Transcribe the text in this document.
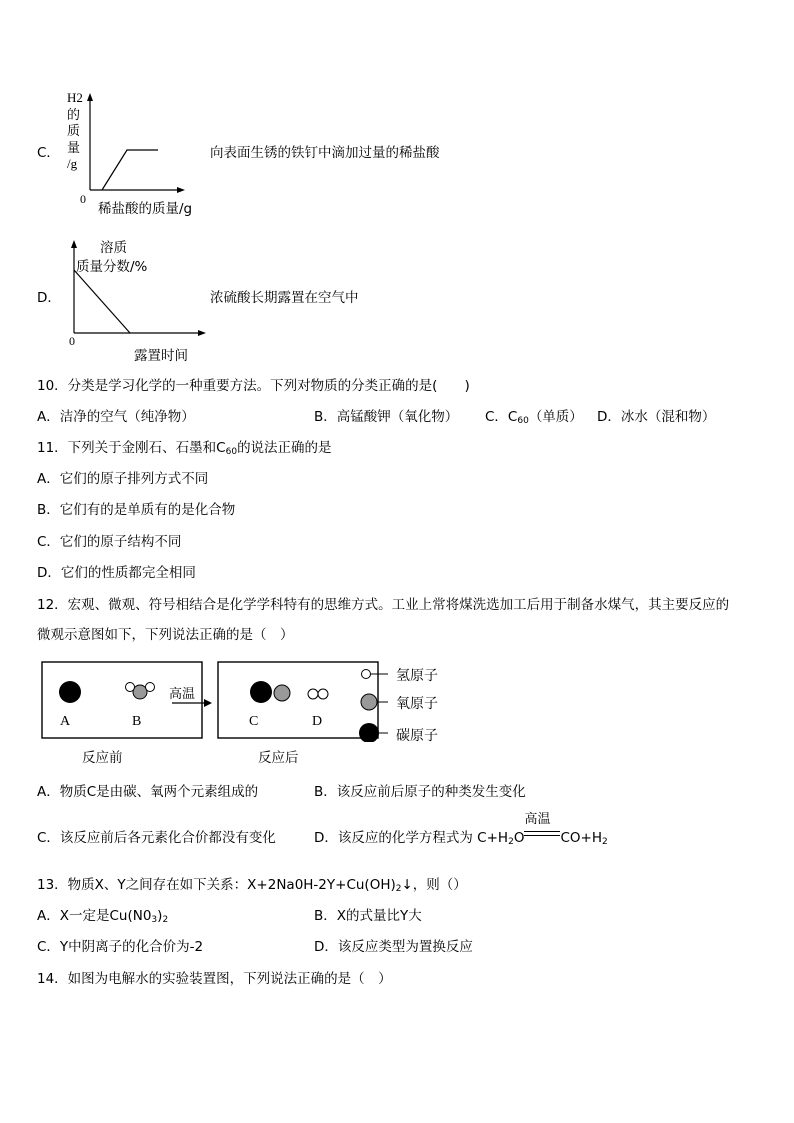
C．
H2
的
质
量
/g
0
稀盐酸的质量/g
向表面生锈的铁钉中滴加过量的稀盐酸
D．
溶质
质量分数/%
0
露置时间
浓硫酸长期露置在空气中
10．分类是学习化学的一种重要方法。下列对物质的分类正确的是(　　)
A．洁净的空气（纯净物）	B．高锰酸钾（氧化物） C．$C_{60}$（单质） D．冰水（混和物）
11．下列关于金刚石、石墨和$C_{60}$的说法正确的是
A．它们的原子排列方式不同
B．它们有的是单质有的是化合物
C．它们的原子结构不同
D．它们的性质都完全相同
12．宏观、微观、符号相结合是化学学科特有的思维方式。工业上常将煤洗选加工后用于制备水煤气，其主要反应的
微观示意图如下，下列说法正确的是（　）
A	B	C	D
高温
反应前	反应后
氢原子
氧原子
碳原子
A．物质C是由碳、氧两个元素组成的	B．该反应前后原子的种类发生变化
C．该反应前后各元素化合价都没有变化	D．该反应的化学方程式为 $C+H_2O$
高温
$CO+H_2$
13．物质X、Y之间存在如下关系：$X+2Na0H-2Y+Cu(OH)_2↓$，则（）
A．X一定是$Cu(N0_3)_2$	B．X的式量比Y大
C．Y中阴离子的化合价为-2	D．该反应类型为置换反应
14．如图为电解水的实验装置图，下列说法正确的是（　）
